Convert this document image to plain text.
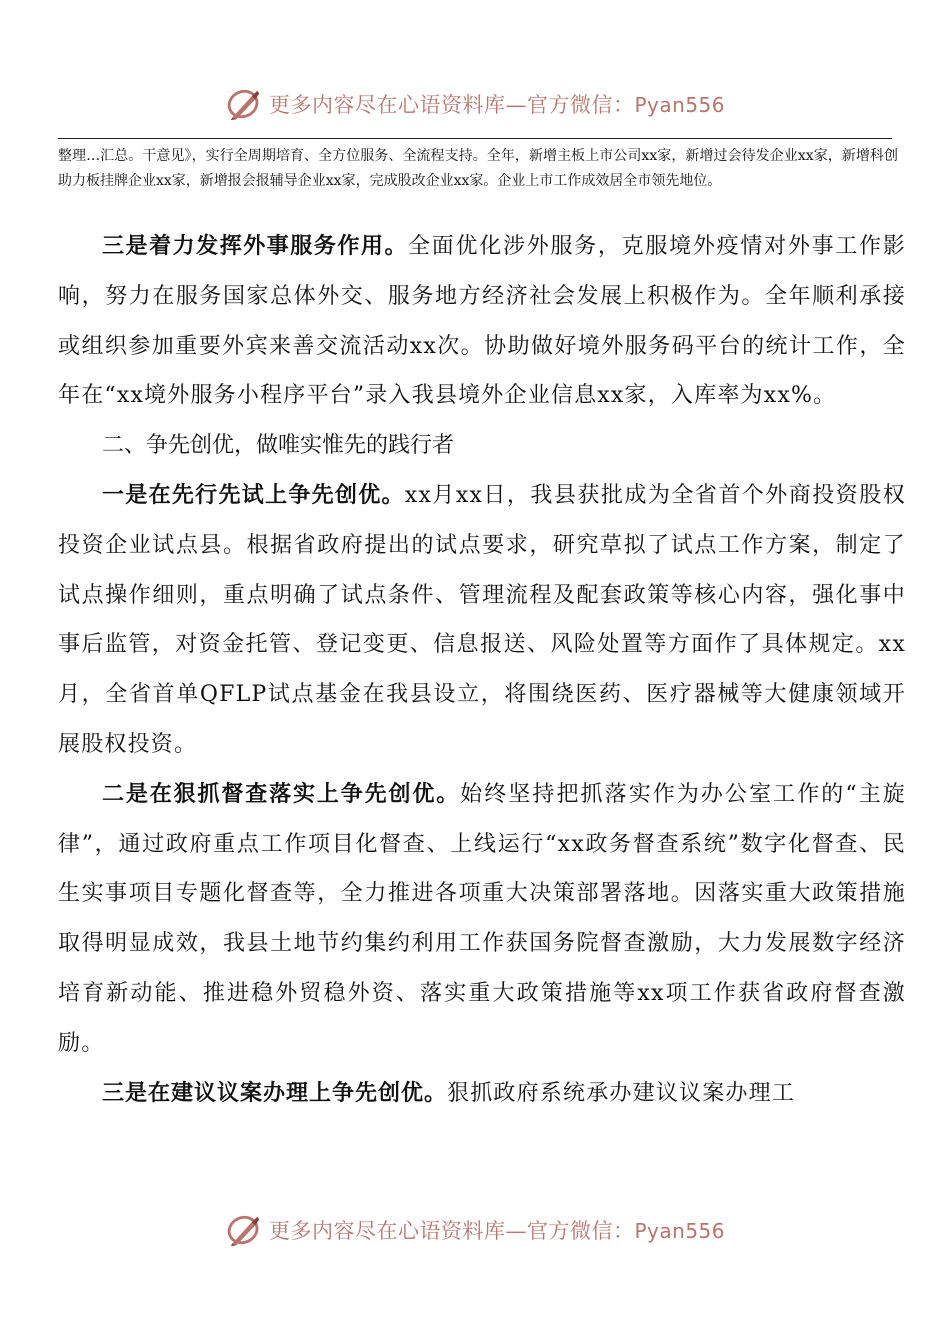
更多内容尽在心语资料库—官方微信：Pyan556

整理…汇总。干意见》，实行全周期培育、全方位服务、全流程支持。全年，新增主板上市公司xx家，新增过会待发企业xx家，新增科创助力板挂牌企业xx家，新增报会报辅导企业xx家，完成股改企业xx家。企业上市工作成效居全市领先地位。

三是着力发挥外事服务作用。全面优化涉外服务，克服境外疫情对外事工作影响，努力在服务国家总体外交、服务地方经济社会发展上积极作为。全年顺利承接或组织参加重要外宾来善交流活动xx次。协助做好境外服务码平台的统计工作，全年在“xx境外服务小程序平台”录入我县境外企业信息xx家，入库率为xx%。

二、争先创优，做唯实惟先的践行者

一是在先行先试上争先创优。xx月xx日，我县获批成为全省首个外商投资股权投资企业试点县。根据省政府提出的试点要求，研究草拟了试点工作方案，制定了试点操作细则，重点明确了试点条件、管理流程及配套政策等核心内容，强化事中事后监管，对资金托管、登记变更、信息报送、风险处置等方面作了具体规定。xx月，全省首单QFLP试点基金在我县设立，将围绕医药、医疗器械等大健康领域开展股权投资。

二是在狠抓督查落实上争先创优。始终坚持把抓落实作为办公室工作的“主旋律”，通过政府重点工作项目化督查、上线运行“xx政务督查系统”数字化督查、民生实事项目专题化督查等，全力推进各项重大决策部署落地。因落实重大政策措施取得明显成效，我县土地节约集约利用工作获国务院督查激励，大力发展数字经济培育新动能、推进稳外贸稳外资、落实重大政策措施等xx项工作获省政府督查激励。

三是在建议议案办理上争先创优。狠抓政府系统承办建议议案办理工

更多内容尽在心语资料库—官方微信：Pyan556
